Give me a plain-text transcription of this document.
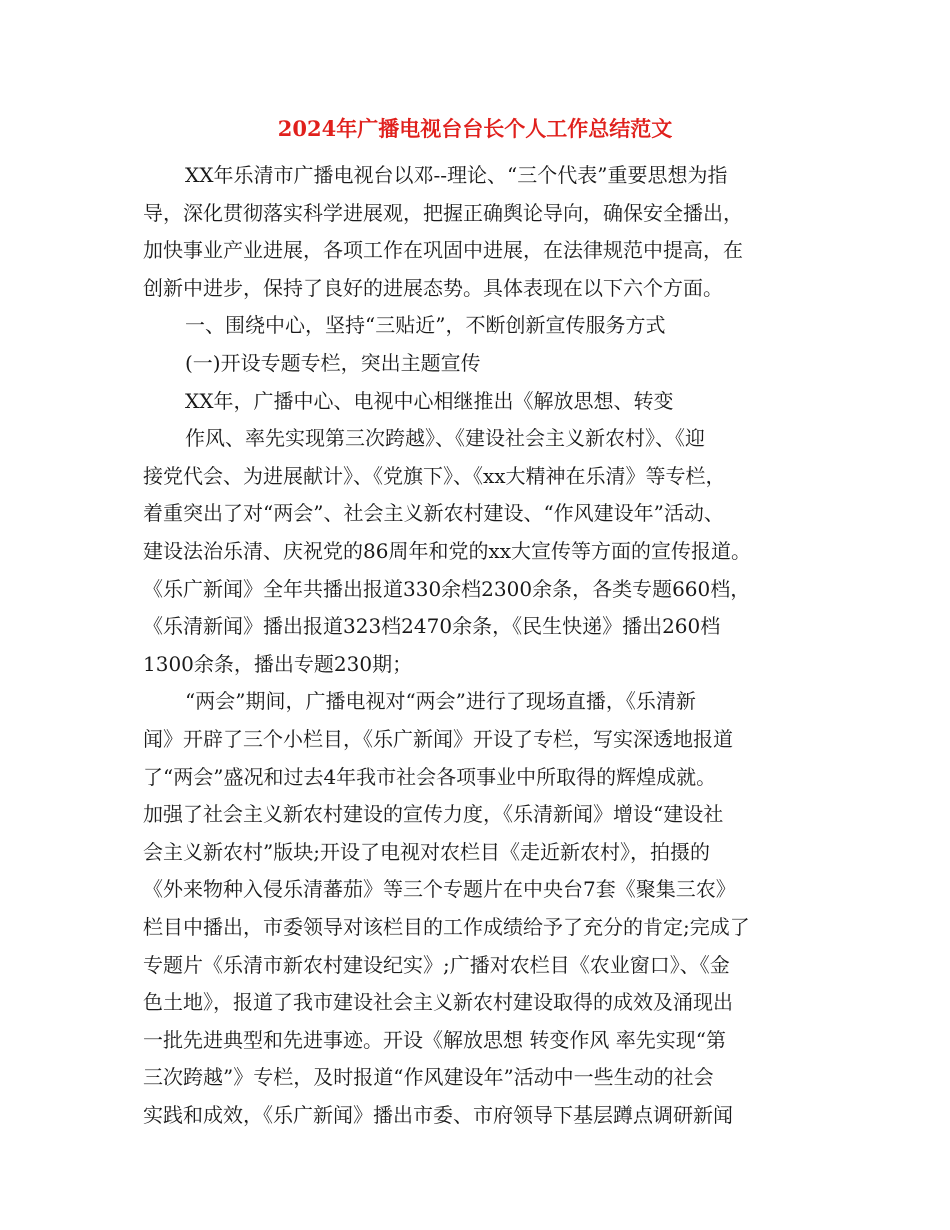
2024年广播电视台台长个人工作总结范文
XX年乐清市广播电视台以邓--理论、“三个代表”重要思想为指
导，深化贯彻落实科学进展观，把握正确舆论导向，确保安全播出，
加快事业产业进展，各项工作在巩固中进展，在法律规范中提高，在
创新中进步，保持了良好的进展态势。具体表现在以下六个方面。
一、围绕中心，坚持“三贴近”，不断创新宣传服务方式
(一)开设专题专栏，突出主题宣传
XX年，广播中心、电视中心相继推出《解放思想、转变
作风、率先实现第三次跨越》、《建设社会主义新农村》、《迎
接党代会、为进展献计》、《党旗下》、《xx大精神在乐清》等专栏，
着重突出了对“两会”、社会主义新农村建设、“作风建设年”活动、
建设法治乐清、庆祝党的86周年和党的xx大宣传等方面的宣传报道。
《乐广新闻》全年共播出报道330余档2300余条，各类专题660档，
《乐清新闻》播出报道323档2470余条，《民生快递》播出260档
1300余条，播出专题230期；
“两会”期间，广播电视对“两会”进行了现场直播，《乐清新
闻》开辟了三个小栏目，《乐广新闻》开设了专栏，写实深透地报道
了“两会”盛况和过去4年我市社会各项事业中所取得的辉煌成就。
加强了社会主义新农村建设的宣传力度，《乐清新闻》增设“建设社
会主义新农村”版块;开设了电视对农栏目《走近新农村》，拍摄的
《外来物种入侵乐清蕃茄》等三个专题片在中央台7套《聚集三农》
栏目中播出，市委领导对该栏目的工作成绩给予了充分的肯定;完成了
专题片《乐清市新农村建设纪实》;广播对农栏目《农业窗口》、《金
色土地》，报道了我市建设社会主义新农村建设取得的成效及涌现出
一批先进典型和先进事迹。开设《解放思想 转变作风 率先实现“第
三次跨越”》专栏，及时报道“作风建设年”活动中一些生动的社会
实践和成效，《乐广新闻》播出市委、市府领导下基层蹲点调研新闻
